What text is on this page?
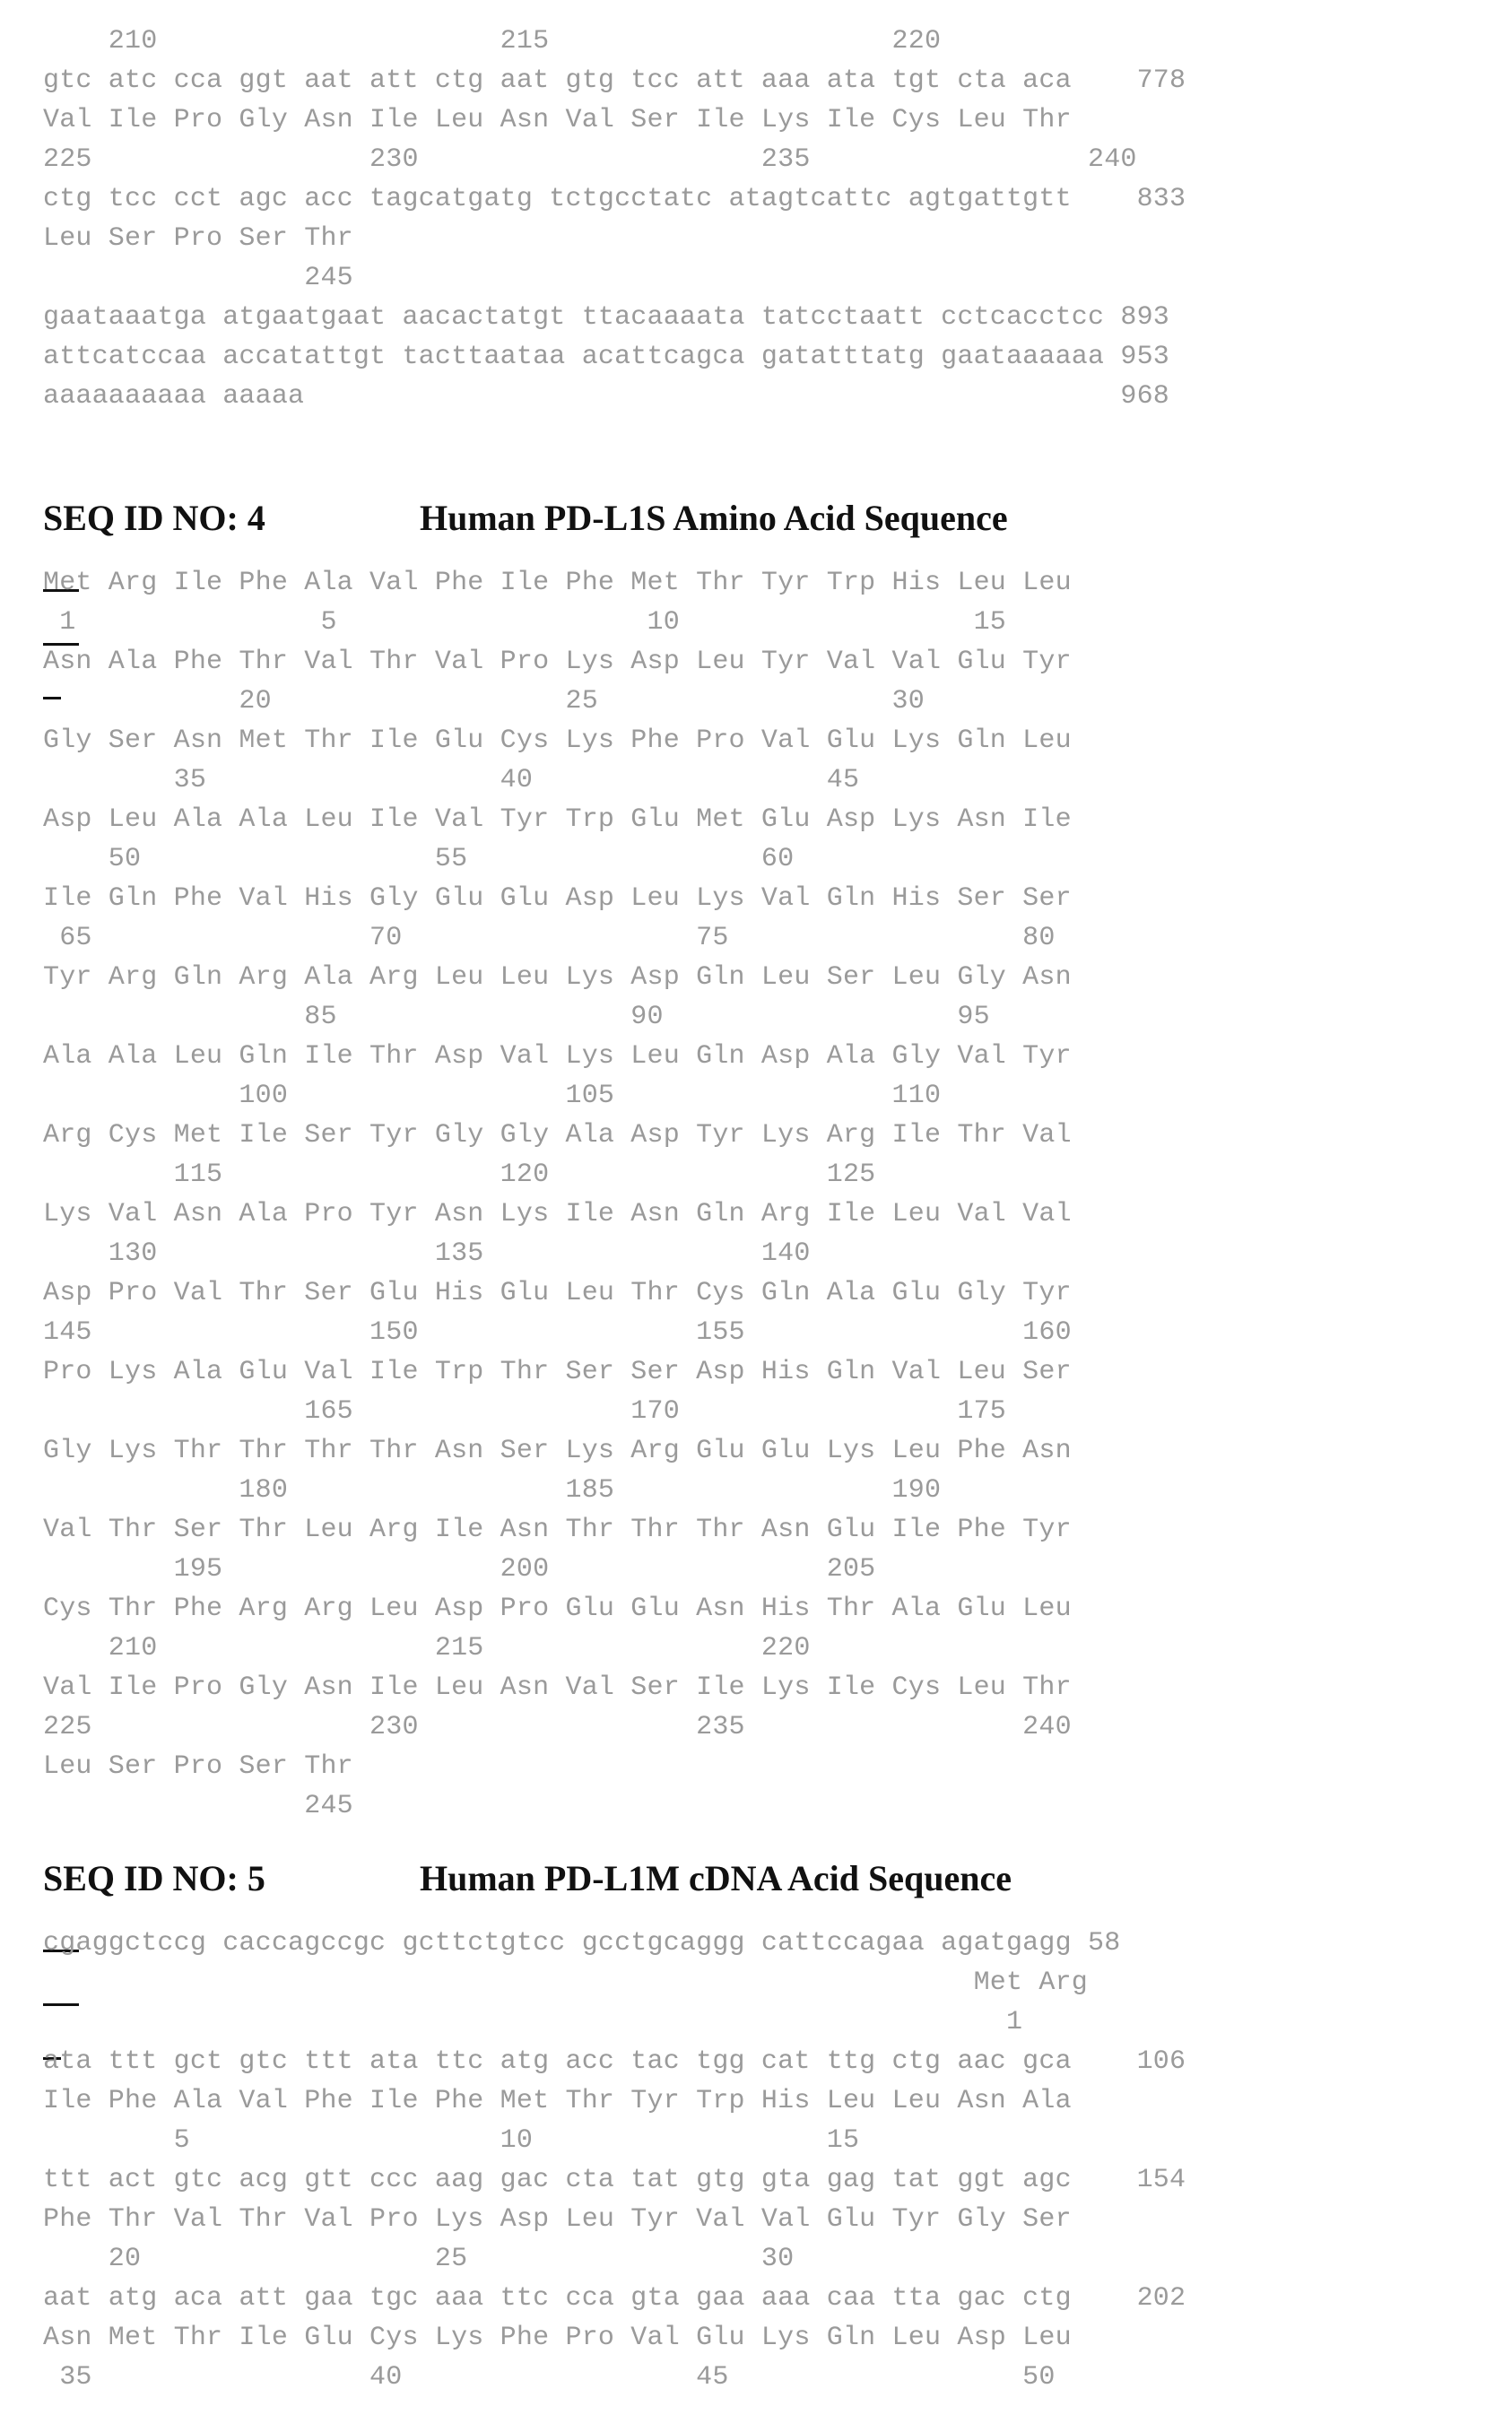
210                     215                     220
gtc atc cca ggt aat att ctg aat gtg tcc att aaa ata tgt cta aca    778
Val Ile Pro Gly Asn Ile Leu Asn Val Ser Ile Lys Ile Cys Leu Thr
225                 230                     235                 240
ctg tcc cct agc acc tagcatgatg tctgcctatc atagtcattc agtgattgtt    833
Leu Ser Pro Ser Thr
245
gaataaatga atgaatgaat aacactatgt ttacaaaata tatcctaatt cctcacctcc 893
attcatccaa accatattgt tacttaataa acattcagca gatatttatg gaataaaaaa 953
aaaaaaaaaa aaaaa                                                  968

SEQ ID NO: 4

	Human PD-L1S Amino Acid Sequence

Met Arg Ile Phe Ala Val Phe Ile Phe Met Thr Tyr Trp His Leu Leu
1               5                   10                  15
Asn Ala Phe Thr Val Thr Val Pro Lys Asp Leu Tyr Val Val Glu Tyr
20                  25                  30
Gly Ser Asn Met Thr Ile Glu Cys Lys Phe Pro Val Glu Lys Gln Leu
35                  40                  45
Asp Leu Ala Ala Leu Ile Val Tyr Trp Glu Met Glu Asp Lys Asn Ile
50                  55                  60
Ile Gln Phe Val His Gly Glu Glu Asp Leu Lys Val Gln His Ser Ser
65                 70                  75                  80
Tyr Arg Gln Arg Ala Arg Leu Leu Lys Asp Gln Leu Ser Leu Gly Asn
85                  90                  95
Ala Ala Leu Gln Ile Thr Asp Val Lys Leu Gln Asp Ala Gly Val Tyr
100                 105                 110
Arg Cys Met Ile Ser Tyr Gly Gly Ala Asp Tyr Lys Arg Ile Thr Val
115                 120                 125
Lys Val Asn Ala Pro Tyr Asn Lys Ile Asn Gln Arg Ile Leu Val Val
130                 135                 140
Asp Pro Val Thr Ser Glu His Glu Leu Thr Cys Gln Ala Glu Gly Tyr
145                 150                 155                 160
Pro Lys Ala Glu Val Ile Trp Thr Ser Ser Asp His Gln Val Leu Ser
165                 170                 175
Gly Lys Thr Thr Thr Thr Asn Ser Lys Arg Glu Glu Lys Leu Phe Asn
180                 185                 190
Val Thr Ser Thr Leu Arg Ile Asn Thr Thr Thr Asn Glu Ile Phe Tyr
195                 200                 205
Cys Thr Phe Arg Arg Leu Asp Pro Glu Glu Asn His Thr Ala Glu Leu
210                 215                 220
Val Ile Pro Gly Asn Ile Leu Asn Val Ser Ile Lys Ile Cys Leu Thr
225                 230                 235                 240
Leu Ser Pro Ser Thr
245

SEQ ID NO: 5

	Human PD-L1M cDNA Acid Sequence

cgaggctccg caccagccgc gcttctgtcc gcctgcaggg cattccagaa agatgagg 58
Met Arg
1
ata ttt gct gtc ttt ata ttc atg acc tac tgg cat ttg ctg aac gca    106
Ile Phe Ala Val Phe Ile Phe Met Thr Tyr Trp His Leu Leu Asn Ala
5                   10                  15
ttt act gtc acg gtt ccc aag gac cta tat gtg gta gag tat ggt agc    154
Phe Thr Val Thr Val Pro Lys Asp Leu Tyr Val Val Glu Tyr Gly Ser
20                  25                  30
aat atg aca att gaa tgc aaa ttc cca gta gaa aaa caa tta gac ctg    202
Asn Met Thr Ile Glu Cys Lys Phe Pro Val Glu Lys Gln Leu Asp Leu
35                 40                  45                  50
